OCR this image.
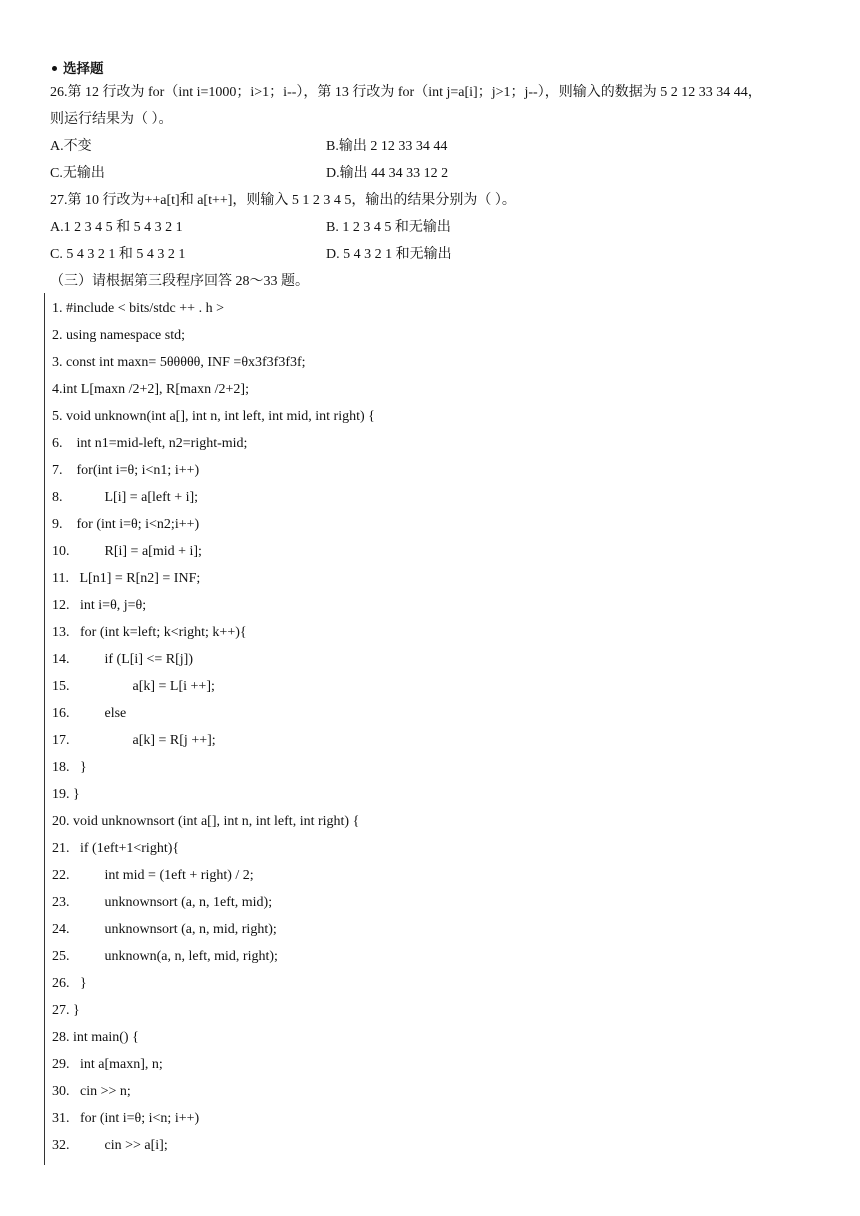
选择题
26.第 12 行改为 for（int i=1000；i>1；i--），第 13 行改为 for（int j=a[i]；j>1；j--），则输入的数据为 5 2 12 33 34 44，
则运行结果为（ ）。
A.不变	B.输出 2 12 33 34 44
C.无输出	D.输出 44 34 33 12 2
27.第 10 行改为++a[t]和 a[t++]，则输入 5 1 2 3 4 5，输出的结果分别为（ ）。
A.1 2 3 4 5 和 5 4 3 2 1	B. 1 2 3 4 5 和无输出
C. 5 4 3 2 1 和 5 4 3 2 1	D. 5 4 3 2 1 和无输出
（三）请根据第三段程序回答 28～33 题。
1. #include < bits/stdc ++ . h >
2. using namespace std;
3. const int maxn= 5θθθθθ, INF =θx3f3f3f3f;
4.int L[maxn /2+2], R[maxn /2+2];
5. void unknown(int a[], int n, int left, int mid, int right) {
6.    int n1=mid-left, n2=right-mid;
7.    for(int i=θ; i<n1; i++)
8.            L[i] = a[left + i];
9.    for (int i=θ; i<n2;i++)
10.          R[i] = a[mid + i];
11.   L[n1] = R[n2] = INF;
12.   int i=θ, j=θ;
13.   for (int k=left; k<right; k++){
14.          if (L[i] <= R[j])
15.                  a[k] = L[i ++];
16.          else
17.                  a[k] = R[j ++];
18.   }
19. }
20. void unknownsort (int a[], int n, int left, int right) {
21.   if (1eft+1<right){
22.          int mid = (1eft + right) / 2;
23.          unknownsort (a, n, 1eft, mid);
24.          unknownsort (a, n, mid, right);
25.          unknown(a, n, left, mid, right);
26.   }
27. }
28. int main() {
29.   int a[maxn], n;
30.   cin >> n;
31.   for (int i=θ; i<n; i++)
32.          cin >> a[i];
